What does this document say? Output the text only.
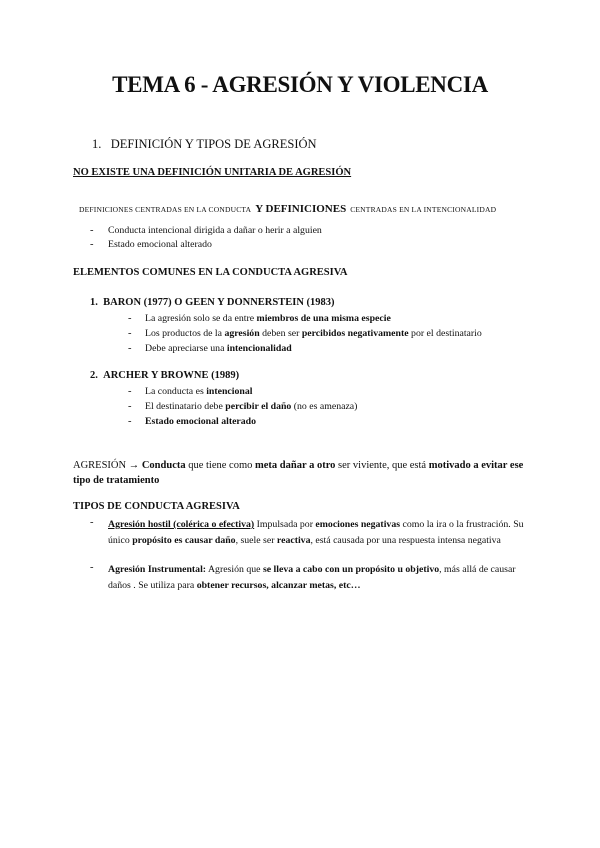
TEMA 6 - AGRESIÓN Y VIOLENCIA
1. DEFINICIÓN Y TIPOS DE AGRESIÓN
NO EXISTE UNA DEFINICIÓN UNITARIA DE AGRESIÓN
DEFINICIONES CENTRADAS EN LA CONDUCTA Y DEFINICIONES CENTRADAS EN LA INTENCIONALIDAD
- Conducta intencional dirigida a dañar o herir a alguien
- Estado emocional alterado
ELEMENTOS COMUNES EN LA CONDUCTA AGRESIVA
1. BARON (1977) O GEEN Y DONNERSTEIN (1983)
- La agresión solo se da entre miembros de una misma especie
- Los productos de la agresión deben ser percibidos negativamente por el destinatario
- Debe apreciarse una intencionalidad
2. ARCHER Y BROWNE (1989)
- La conducta es intencional
- El destinatario debe percibir el daño (no es amenaza)
- Estado emocional alterado
AGRESIÓN → Conducta que tiene como meta dañar a otro ser viviente, que está motivado a evitar ese tipo de tratamiento
TIPOS DE CONDUCTA AGRESIVA
- Agresión hostil (colérica o efectiva) Impulsada por emociones negativas como la ira o la frustración. Su único propósito es causar daño, suele ser reactiva, está causada por una respuesta intensa negativa
- Agresión Instrumental: Agresión que se lleva a cabo con un propósito u objetivo, más allá de causar daños . Se utiliza para obtener recursos, alcanzar metas, etc…
